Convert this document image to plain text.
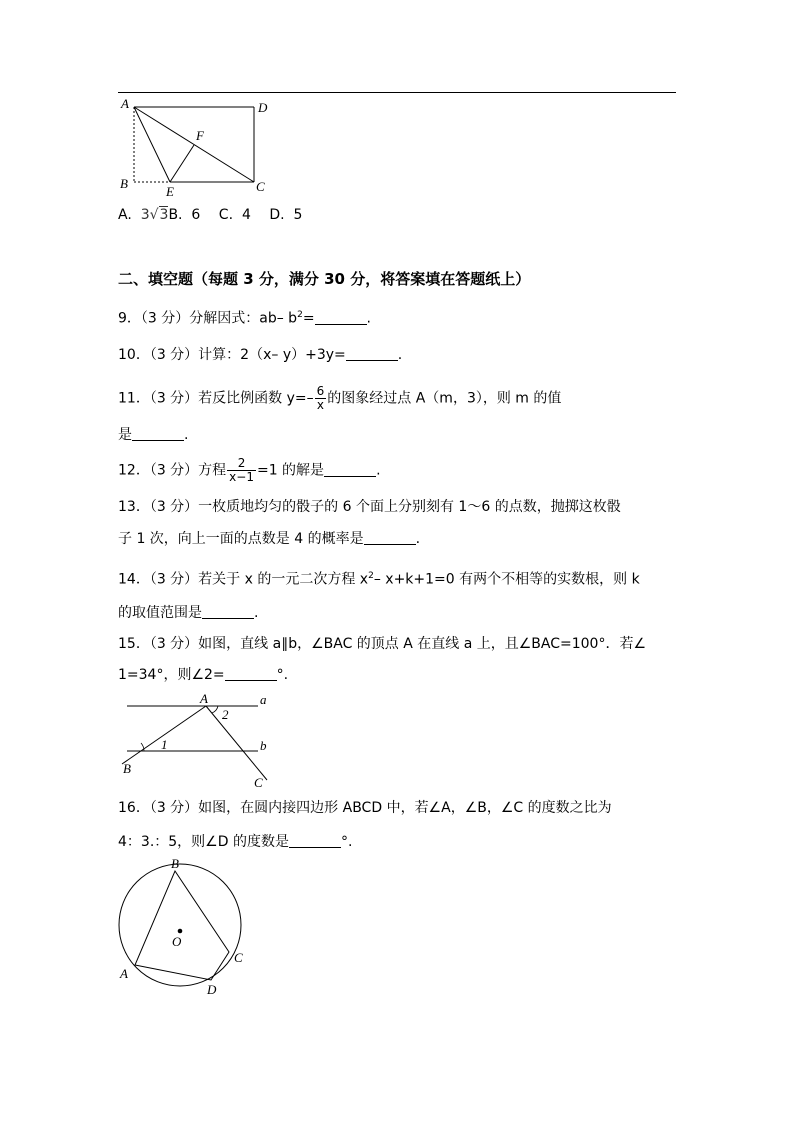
A	D
F
B
E	C
A. 3√3B. 6 C. 4 D. 5
二、填空题（每题 3 分，满分 30 分，将答案填在答题纸上）
9．（3 分）分解因式：ab– $b^2=$	.
10．（3 分）计算：2（x– y）+3y=	.
11．（3 分）若反比例函数 $y=- \frac{6}{x}$ 的图象经过点 A（m，3），则 m 的值
是	.
12．（3 分）方程 $\frac{2}{x-1} =1$ 的解是	.
13．（3 分）一枚质地均匀的骰子的 6 个面上分别刻有 1～6 的点数，抛掷这枚骰
子 1 次，向上一面的点数是 4 的概率是	.
14．（3 分）若关于 x 的一元二次方程 $x^2-$ x+k+1=0 有两个不相等的实数根，则 k
的取值范围是	.
15．（3 分）如图，直线 a∥b，∠BAC 的顶点 A 在直线 a 上，且∠BAC=100°．若∠
1=34°，则∠2=	°.
A	a
2
1	b
B
C
16．（3 分）如图，在圆内接四边形 ABCD 中，若∠A，∠B，∠C 的度数之比为
4：3.：5，则∠D 的度数是	°.
B
O
C
A
D
